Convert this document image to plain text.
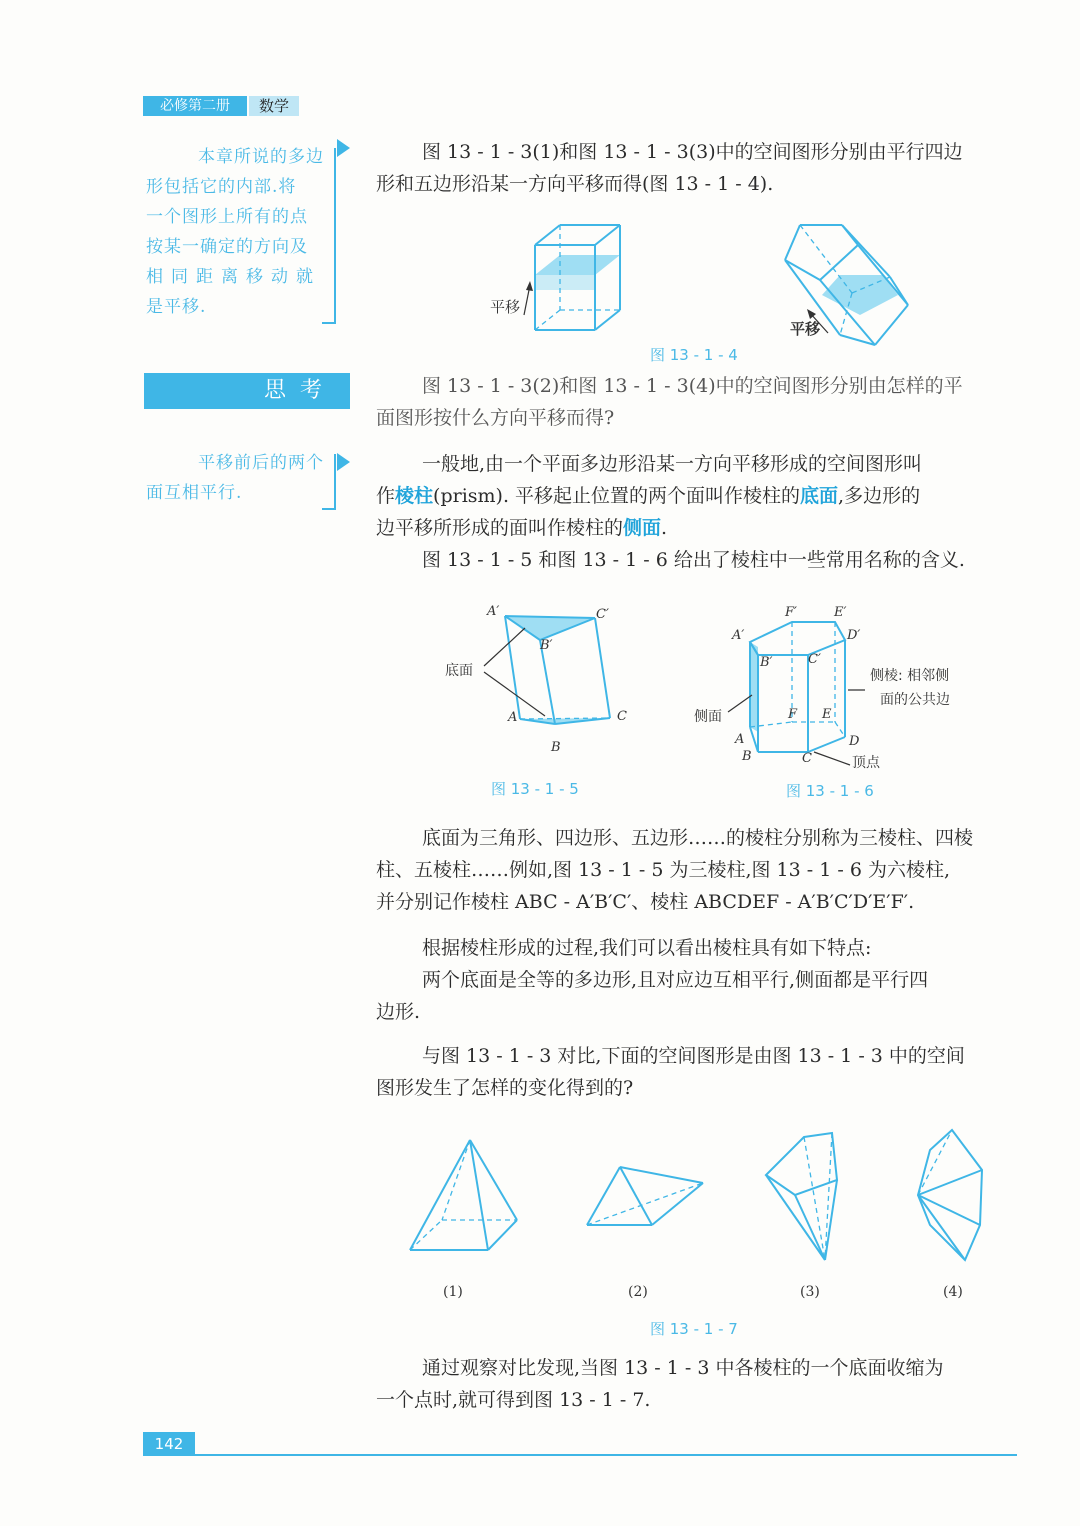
必修第二册	数学
本章所说的多边
形包括它的内部.将
一个图形上所有的点
按某一确定的方向及
相同距离移动就
是平移.
思考
平移前后的两个
面互相平行.
图 13 - 1 - 3(1)和图 13 - 1 - 3(3)中的空间图形分别由平行四边
形和五边形沿某一方向平移而得(图 13 - 1 - 4).
平移
平移
图 13 - 1 - 4
图 13 - 1 - 3(2)和图 13 - 1 - 3(4)中的空间图形分别由怎样的平
面图形按什么方向平移而得?
一般地,由一个平面多边形沿某一方向平移形成的空间图形叫
作棱柱(prism). 平移起止位置的两个面叫作棱柱的底面,多边形的
边平移所形成的面叫作棱柱的侧面.
图 13 - 1 - 5 和图 13 - 1 - 6 给出了棱柱中一些常用名称的含义.
底面
A′	C′
B′
A	C
B
图 13 - 1 - 5
F′	E′
A′	D′
B′	C′
F E
A	D
B	C
侧棱: 相邻侧
面的公共边
侧面
顶点
图 13 - 1 - 6
底面为三角形、四边形、五边形……的棱柱分别称为三棱柱、四棱
柱、五棱柱……例如,图 13 - 1 - 5 为三棱柱,图 13 - 1 - 6 为六棱柱,
并分别记作棱柱 ABC - A′B′C′、棱柱 ABCDEF - A′B′C′D′E′F′.
根据棱柱形成的过程,我们可以看出棱柱具有如下特点:
两个底面是全等的多边形,且对应边互相平行,侧面都是平行四
边形.
与图 13 - 1 - 3 对比,下面的空间图形是由图 13 - 1 - 3 中的空间
图形发生了怎样的变化得到的?
(1)	(2)	(3)	(4)
图 13 - 1 - 7
通过观察对比发现,当图 13 - 1 - 3 中各棱柱的一个底面收缩为
一个点时,就可得到图 13 - 1 - 7.
142
